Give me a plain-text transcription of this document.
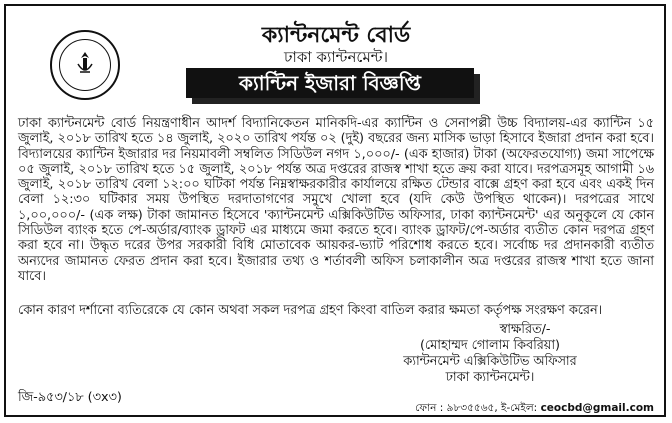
ক্যান্টনমেন্ট বোর্ড
ঢাকা ক্যান্টনমেন্ট।
ক্যান্টিন ইজারা বিজ্ঞপ্তি
ঢাকা ক্যান্টনমেন্ট বোর্ড নিয়ন্ত্রণাধীন আদর্শ বিদ্যানিকেতন মানিকদি-এর ক্যান্টিন ও সেনাপল্লী উচ্চ বিদ্যালয়-এর ক্যান্টিন ১৫ জুলাই, ২০১৮ তারিখ হতে ১৪ জুলাই, ২০২০ তারিখ পর্যন্ত ০২ (দুই) বছরের জন্য মাসিক ভাড়া হিসাবে ইজারা প্রদান করা হবে। বিদ্যালয়ের ক্যান্টিন ইজারার দর নিয়মাবলী সম্বলিত সিডিউল নগদ ১,০০০/- (এক হাজার) টাকা (অফেরতযোগ্য) জমা সাপেক্ষে ০৫ জুলাই, ২০১৮ তারিখ হতে ১৫ জুলাই, ২০১৮ পর্যন্ত অত্র দপ্তরের রাজস্ব শাখা হতে ক্রয় করা যাবে। দরপত্রসমূহ আগামী ১৬ জুলাই, ২০১৮ তারিখ বেলা ১২:০০ ঘটিকা পর্যন্ত নিম্নস্বাক্ষরকারীর কার্যালয়ে রক্ষিত টেন্ডার বাক্সে গ্রহণ করা হবে এবং একই দিন বেলা ১২:৩০ ঘটিকার সময় উপস্থিত দরদাতাগণের সমুখে খোলা হবে (যদি কেউ উপস্থিত থাকেন)। দরপত্রের সাথে ১,০০,০০০/- (এক লক্ষ) টাকা জামানত হিসেবে 'ক্যান্টনমেন্ট এক্সিকিউটিভ অফিসার, ঢাকা ক্যান্টনমেন্ট' এর অনুকূলে যে কোন সিডিউল ব্যাংক হতে পে-অর্ডার/ব্যাংক ড্রাফট এর মাধ্যমে জমা করতে হবে। ব্যাংক ড্রাফট/পে-অর্ডার ব্যতীত কোন দরপত্র গ্রহণ করা হবে না। উদ্ধৃত দরের উপর সরকারী বিধি মোতাবেক আয়কর-ভ্যাট পরিশোধ করতে হবে। সর্বোচ্চ দর প্রদানকারী ব্যতীত অন্যদের জামানত ফেরত প্রদান করা হবে। ইজারার তথ্য ও শর্তাবলী অফিস চলাকালীন অত্র দপ্তরের রাজস্ব শাখা হতে জানা যাবে।
কোন কারণ দর্শানো ব্যতিরেকে যে কোন অথবা সকল দরপত্র গ্রহণ কিংবা বাতিল করার ক্ষমতা কর্তৃপক্ষ সংরক্ষণ করেন।
স্বাক্ষরিত/-
(মোহাম্মদ গোলাম কিবরিয়া)
ক্যান্টনমেন্ট এক্সিকিউটিভ অফিসার
ঢাকা ক্যান্টনমেন্ট।
জি-৯৫৩/১৮ (৩x৩)
ফোন : ৯৮৩৫৫৬৫, ই-মেইল: ceocbd@gmail.com
